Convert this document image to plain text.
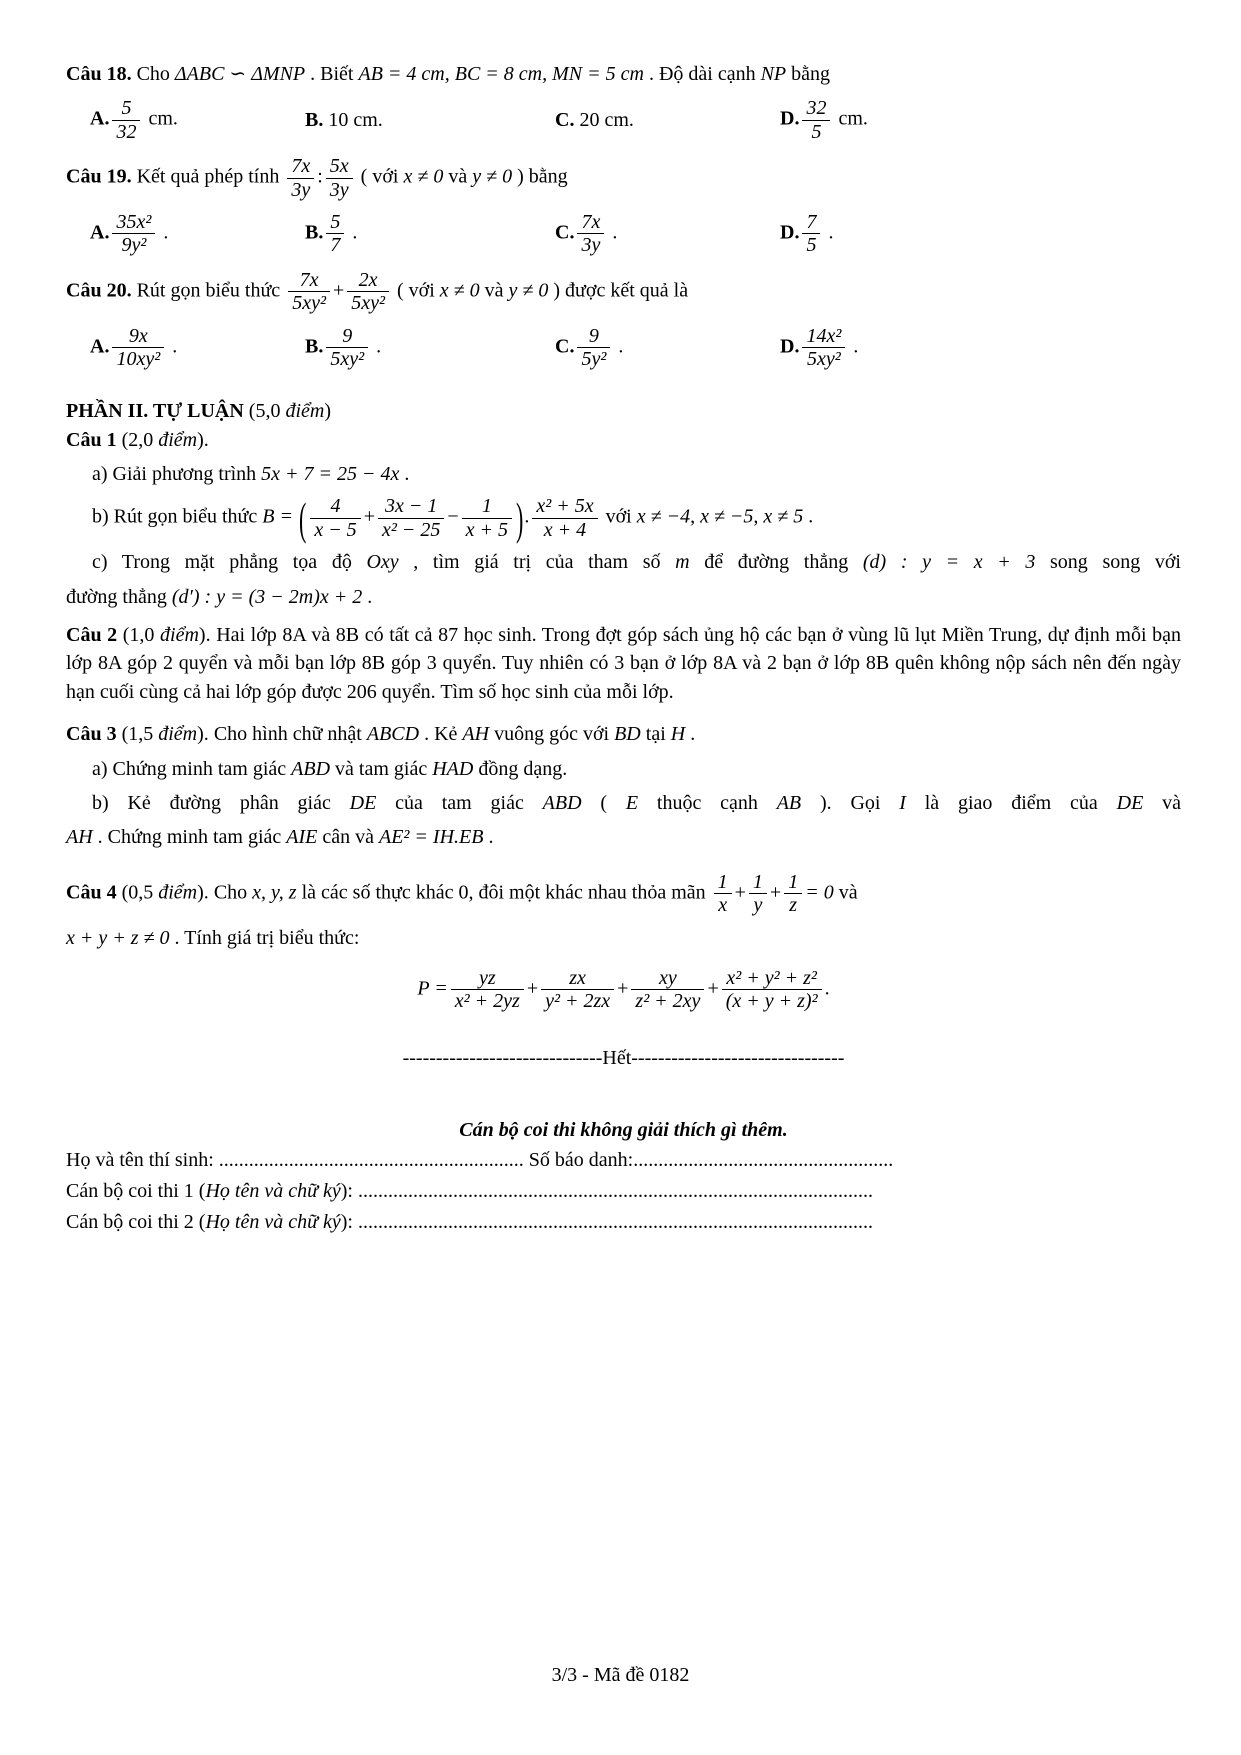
Câu 18. Cho ΔABC ∽ ΔMNP . Biết AB = 4 cm, BC = 8 cm, MN = 5 cm . Độ dài cạnh NP bằng

A. $\frac{5}{32}$ cm.	B. 10 cm.	C. 20 cm.	D. $\frac{32}{5}$ cm.

Câu 19. Kết quả phép tính $\frac{7x}{3y}$ : $\frac{5x}{3y}$ ( với x ≠ 0 và y ≠ 0 ) bằng

A. $\frac{\text{35x²}}{\text{9y²}}$ .	B. $\frac{5}{7}$ .	C. $\frac{7x}{3y}$ .	D. $\frac{7}{5}$ .

Câu 20. Rút gọn biểu thức $\frac{7x}{\text{5xy²}} + \frac{2x}{\text{5xy²}}$ ( với x ≠ 0 và y ≠ 0 ) được kết quả là

A. $\frac{9x}{\text{10xy²}}$ .	B. $\frac{9}{\text{5xy²}}$ .	C. $\frac{9}{\text{5y²}}$ .	D. $\frac{\text{14x²}}{\text{5xy²}}$ .

PHẦN II. TỰ LUẬN (5,0 điểm)

Câu 1 (2,0 điểm).

a) Giải phương trình 5x + 7 = 25 − 4x .

b) Rút gọn biểu thức B = ( $\frac{4}{x - 5} + \frac{3x - 1}{\text{x² − 25}} - \frac{1}{x + 5}$ ). $\frac{\text{x² + 5x}}{x + 4}$ với x ≠ −4, x ≠ −5, x ≠ 5 .

c) Trong mặt phẳng tọa độ Oxy , tìm giá trị của tham số m để đường thẳng (d) : y = x + 3 song song với

đường thẳng (d′) : y = (3 − 2m)x + 2 .

Câu 2 (1,0 điểm). Hai lớp 8A và 8B có tất cả 87 học sinh. Trong đợt góp sách ủng hộ các bạn ở vùng lũ lụt Miền Trung, dự định mỗi bạn lớp 8A góp 2 quyển và mỗi bạn lớp 8B góp 3 quyển. Tuy nhiên có 3 bạn ở lớp 8A và 2 bạn ở lớp 8B quên không nộp sách nên đến ngày hạn cuối cùng cả hai lớp góp được 206 quyển. Tìm số học sinh của mỗi lớp.

Câu 3 (1,5 điểm). Cho hình chữ nhật ABCD . Kẻ AH vuông góc với BD tại H .

a) Chứng minh tam giác ABD và tam giác HAD đồng dạng.

b) Kẻ đường phân giác DE của tam giác ABD ( E thuộc cạnh AB ). Gọi I là giao điểm của DE và

AH . Chứng minh tam giác AIE cân và AE² = IH.EB .

Câu 4 (0,5 điểm). Cho x, y, z là các số thực khác 0, đôi một khác nhau thỏa mãn $\frac{1}{x} + \frac{1}{y} + \frac{1}{z} = 0$ và

x + y + z ≠ 0 . Tính giá trị biểu thức:

$P = \frac{yz}{\text{x² + 2yz}} + \frac{zx}{\text{y² + 2zx}} + \frac{xy}{\text{z² + 2xy}} + \frac{\text{x² + y² + z²}}{\text{(x + y + z)²}}$ .

------------------------------Hết--------------------------------

Cán bộ coi thi không giải thích gì thêm.

Họ và tên thí sinh: ............................................................. Số báo danh:....................................................

Cán bộ coi thi 1 (Họ tên và chữ ký): .......................................................................................................

Cán bộ coi thi 2 (Họ tên và chữ ký): .......................................................................................................

3/3 - Mã đề 0182
